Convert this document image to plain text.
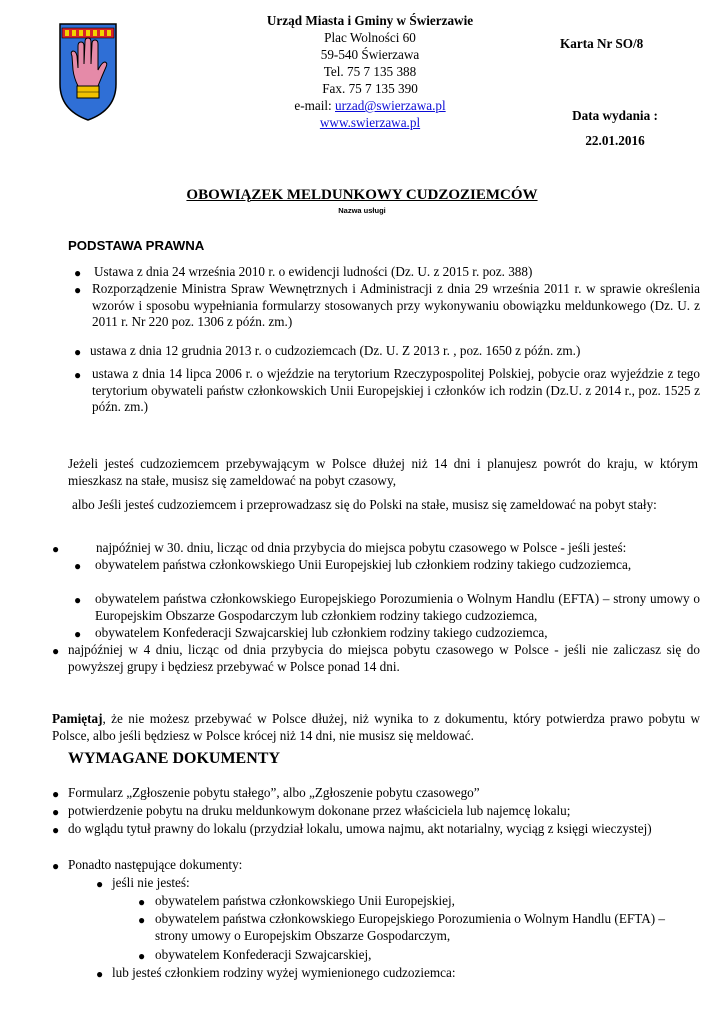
Urząd Miasta i Gminy w Świerzawie
Plac Wolności 60
59-540 Świerzawa
Tel. 75 7 135 388
Fax. 75 7 135 390
e-mail: urzad@swierzawa.pl
www.swierzawa.pl
Karta Nr SO/8
Data wydania :
22.01.2016
OBOWIĄZEK MELDUNKOWY CUDZOZIEMCÓW
Nazwa usługi
PODSTAWA PRAWNA
● Ustawa z dnia 24 września 2010 r. o ewidencji ludności (Dz. U. z 2015 r. poz. 388)
● Rozporządzenie Ministra Spraw Wewnętrznych i Administracji z dnia 29 września 2011 r. w sprawie określenia wzorów i sposobu wypełniania formularzy stosowanych przy wykonywaniu obowiązku meldunkowego (Dz. U. z 2011 r. Nr 220 poz. 1306 z późn. zm.)
● ustawa z dnia 12 grudnia 2013 r. o cudzoziemcach (Dz. U. Z 2013 r. , poz. 1650 z późn. zm.)
● ustawa z dnia 14 lipca 2006 r. o wjeździe na terytorium Rzeczypospolitej Polskiej, pobycie oraz wyjeździe z tego terytorium obywateli państw członkowskich Unii Europejskiej i członków ich rodzin (Dz.U. z 2014 r., poz. 1525 z późn. zm.)
Jeżeli jesteś cudzoziemcem przebywającym w Polsce dłużej niż 14 dni i planujesz powrót do kraju, w którym mieszkasz na stałe, musisz się zameldować na pobyt czasowy,
albo Jeśli jesteś cudzoziemcem i przeprowadzasz się do Polski na stałe, musisz się zameldować na pobyt stały:
●	najpóźniej w 30. dniu, licząc od dnia przybycia do miejsca pobytu czasowego w Polsce - jeśli jesteś:
● obywatelem państwa członkowskiego Unii Europejskiej lub członkiem rodziny takiego cudzoziemca,
● obywatelem państwa członkowskiego Europejskiego Porozumienia o Wolnym Handlu (EFTA) – strony umowy o Europejskim Obszarze Gospodarczym lub członkiem rodziny takiego cudzoziemca,
● obywatelem Konfederacji Szwajcarskiej lub członkiem rodziny takiego cudzoziemca,
● najpóźniej w 4 dniu, licząc od dnia przybycia do miejsca pobytu czasowego w Polsce - jeśli nie zaliczasz się do powyższej grupy i będziesz przebywać w Polsce ponad 14 dni.
Pamiętaj, że nie możesz przebywać w Polsce dłużej, niż wynika to z dokumentu, który potwierdza prawo pobytu w Polsce, albo jeśli będziesz w Polsce krócej niż 14 dni, nie musisz się meldować.
WYMAGANE DOKUMENTY
● Formularz „Zgłoszenie pobytu stałego”, albo „Zgłoszenie pobytu czasowego”
● potwierdzenie pobytu na druku meldunkowym dokonane przez właściciela lub najemcę lokalu;
● do wglądu tytuł prawny do lokalu (przydział lokalu, umowa najmu, akt notarialny, wyciąg z księgi wieczystej)
● Ponadto następujące dokumenty:
● jeśli nie jesteś:
● obywatelem państwa członkowskiego Unii Europejskiej,
● obywatelem państwa członkowskiego Europejskiego Porozumienia o Wolnym Handlu (EFTA) – strony umowy o Europejskim Obszarze Gospodarczym,
● obywatelem Konfederacji Szwajcarskiej,
● lub jesteś członkiem rodziny wyżej wymienionego cudzoziemca:
